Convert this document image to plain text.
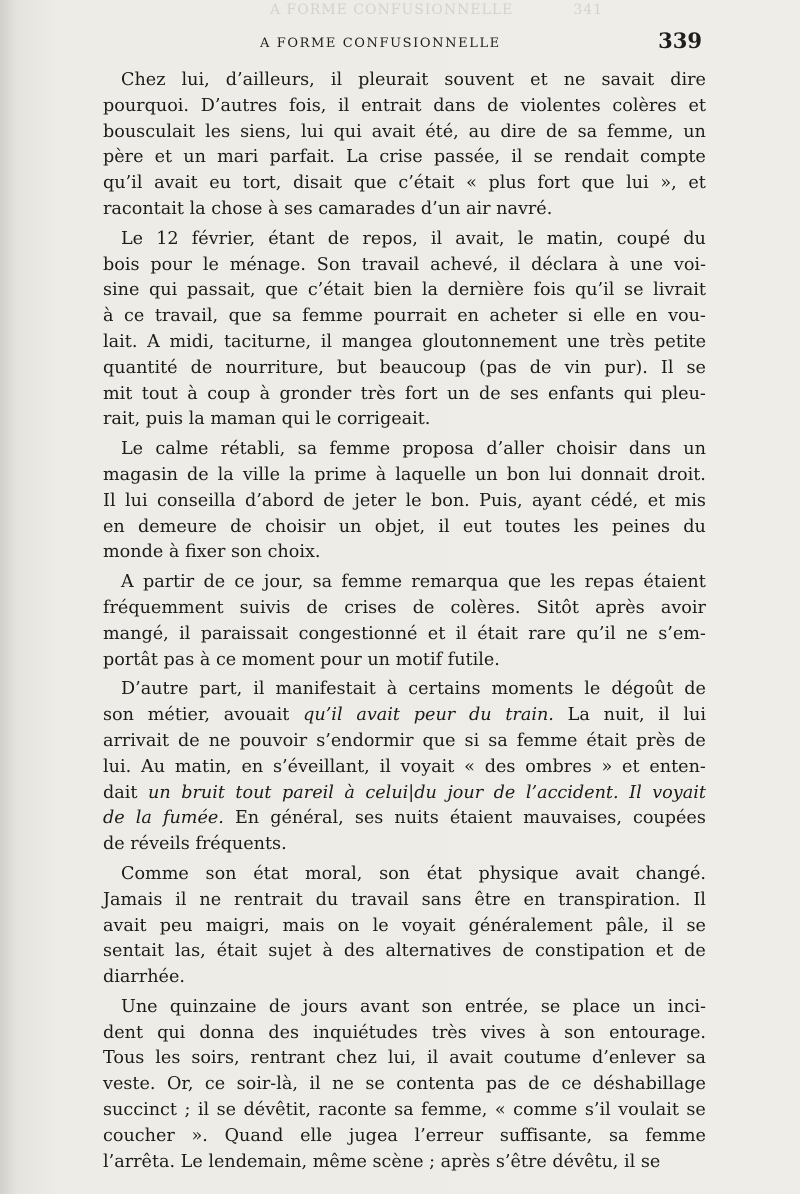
A FORME CONFUSIONNELLE           341
A FORME CONFUSIONNELLE	339
Chez lui, d’ailleurs, il pleurait souvent et ne savait dire
pourquoi. D’autres fois, il entrait dans de violentes colères et
bousculait les siens, lui qui avait été, au dire de sa femme, un
père et un mari parfait. La crise passée, il se rendait compte
qu’il avait eu tort, disait que c’était « plus fort que lui », et
racontait la chose à ses camarades d’un air navré.
Le 12 février, étant de repos, il avait, le matin, coupé du
bois pour le ménage. Son travail achevé, il déclara à une voi-
sine qui passait, que c’était bien la dernière fois qu’il se livrait
à ce travail, que sa femme pourrait en acheter si elle en vou-
lait. A midi, taciturne, il mangea gloutonnement une très petite
quantité de nourriture, but beaucoup (pas de vin pur). Il se
mit tout à coup à gronder très fort un de ses enfants qui pleu-
rait, puis la maman qui le corrigeait.
Le calme rétabli, sa femme proposa d’aller choisir dans un
magasin de la ville la prime à laquelle un bon lui donnait droit.
Il lui conseilla d’abord de jeter le bon. Puis, ayant cédé, et mis
en demeure de choisir un objet, il eut toutes les peines du
monde à fixer son choix.
A partir de ce jour, sa femme remarqua que les repas étaient
fréquemment suivis de crises de colères. Sitôt après avoir
mangé, il paraissait congestionné et il était rare qu’il ne s’em-
portât pas à ce moment pour un motif futile.
D’autre part, il manifestait à certains moments le dégoût de
son métier, avouait qu’il avait peur du train. La nuit, il lui
arrivait de ne pouvoir s’endormir que si sa femme était près de
lui. Au matin, en s’éveillant, il voyait « des ombres » et enten-
dait un bruit tout pareil à celui|du jour de l’accident. Il voyait
de la fumée. En général, ses nuits étaient mauvaises, coupées
de réveils fréquents.
Comme son état moral, son état physique avait changé.
Jamais il ne rentrait du travail sans être en transpiration. Il
avait peu maigri, mais on le voyait généralement pâle, il se
sentait las, était sujet à des alternatives de constipation et de
diarrhée.
Une quinzaine de jours avant son entrée, se place un inci-
dent qui donna des inquiétudes très vives à son entourage.
Tous les soirs, rentrant chez lui, il avait coutume d’enlever sa
veste. Or, ce soir-là, il ne se contenta pas de ce déshabillage
succinct ; il se dévêtit, raconte sa femme, « comme s’il voulait se
coucher ». Quand elle jugea l’erreur suffisante, sa femme
l’arrêta. Le lendemain, même scène ; après s’être dévêtu, il se
